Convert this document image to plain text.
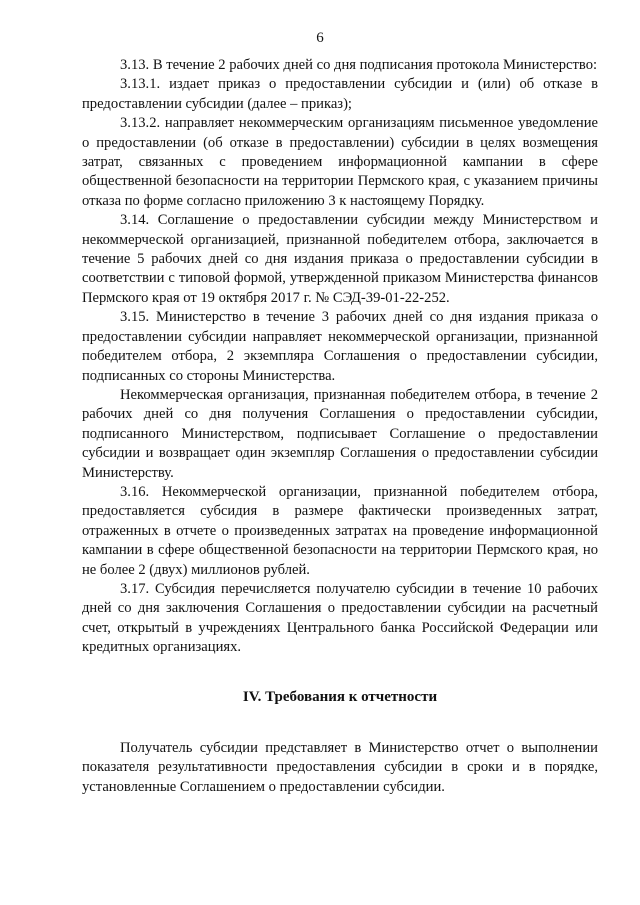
6

3.13. В течение 2 рабочих дней со дня подписания протокола Министерство:

3.13.1. издает приказ о предоставлении субсидии и (или) об отказе в предоставлении субсидии (далее – приказ);

3.13.2. направляет некоммерческим организациям письменное уведомление о предоставлении (об отказе в предоставлении) субсидии в целях возмещения затрат, связанных с проведением информационной кампании в сфере общественной безопасности на территории Пермского края, с указанием причины отказа по форме согласно приложению 3 к настоящему Порядку.

3.14. Соглашение о предоставлении субсидии между Министерством и некоммерческой организацией, признанной победителем отбора, заключается в течение 5 рабочих дней со дня издания приказа о предоставлении субсидии в соответствии с типовой формой, утвержденной приказом Министерства финансов Пермского края от 19 октября 2017 г. № СЭД-39-01-22-252.

3.15. Министерство в течение 3 рабочих дней со дня издания приказа о предоставлении субсидии направляет некоммерческой организации, признанной победителем отбора, 2 экземпляра Соглашения о предоставлении субсидии, подписанных со стороны Министерства.

Некоммерческая организация, признанная победителем отбора, в течение 2 рабочих дней со дня получения Соглашения о предоставлении субсидии, подписанного Министерством, подписывает Соглашение о предоставлении субсидии и возвращает один экземпляр Соглашения о предоставлении субсидии Министерству.

3.16. Некоммерческой организации, признанной победителем отбора, предоставляется субсидия в размере фактически произведенных затрат, отраженных в отчете о произведенных затратах на проведение информационной кампании в сфере общественной безопасности на территории Пермского края, но не более 2 (двух) миллионов рублей.

3.17. Субсидия перечисляется получателю субсидии в течение 10 рабочих дней со дня заключения Соглашения о предоставлении субсидии на расчетный счет, открытый в учреждениях Центрального банка Российской Федерации или кредитных организациях.

IV. Требования к отчетности

Получатель субсидии представляет в Министерство отчет о выполнении показателя результативности предоставления субсидии в сроки и в порядке, установленные Соглашением о предоставлении субсидии.
